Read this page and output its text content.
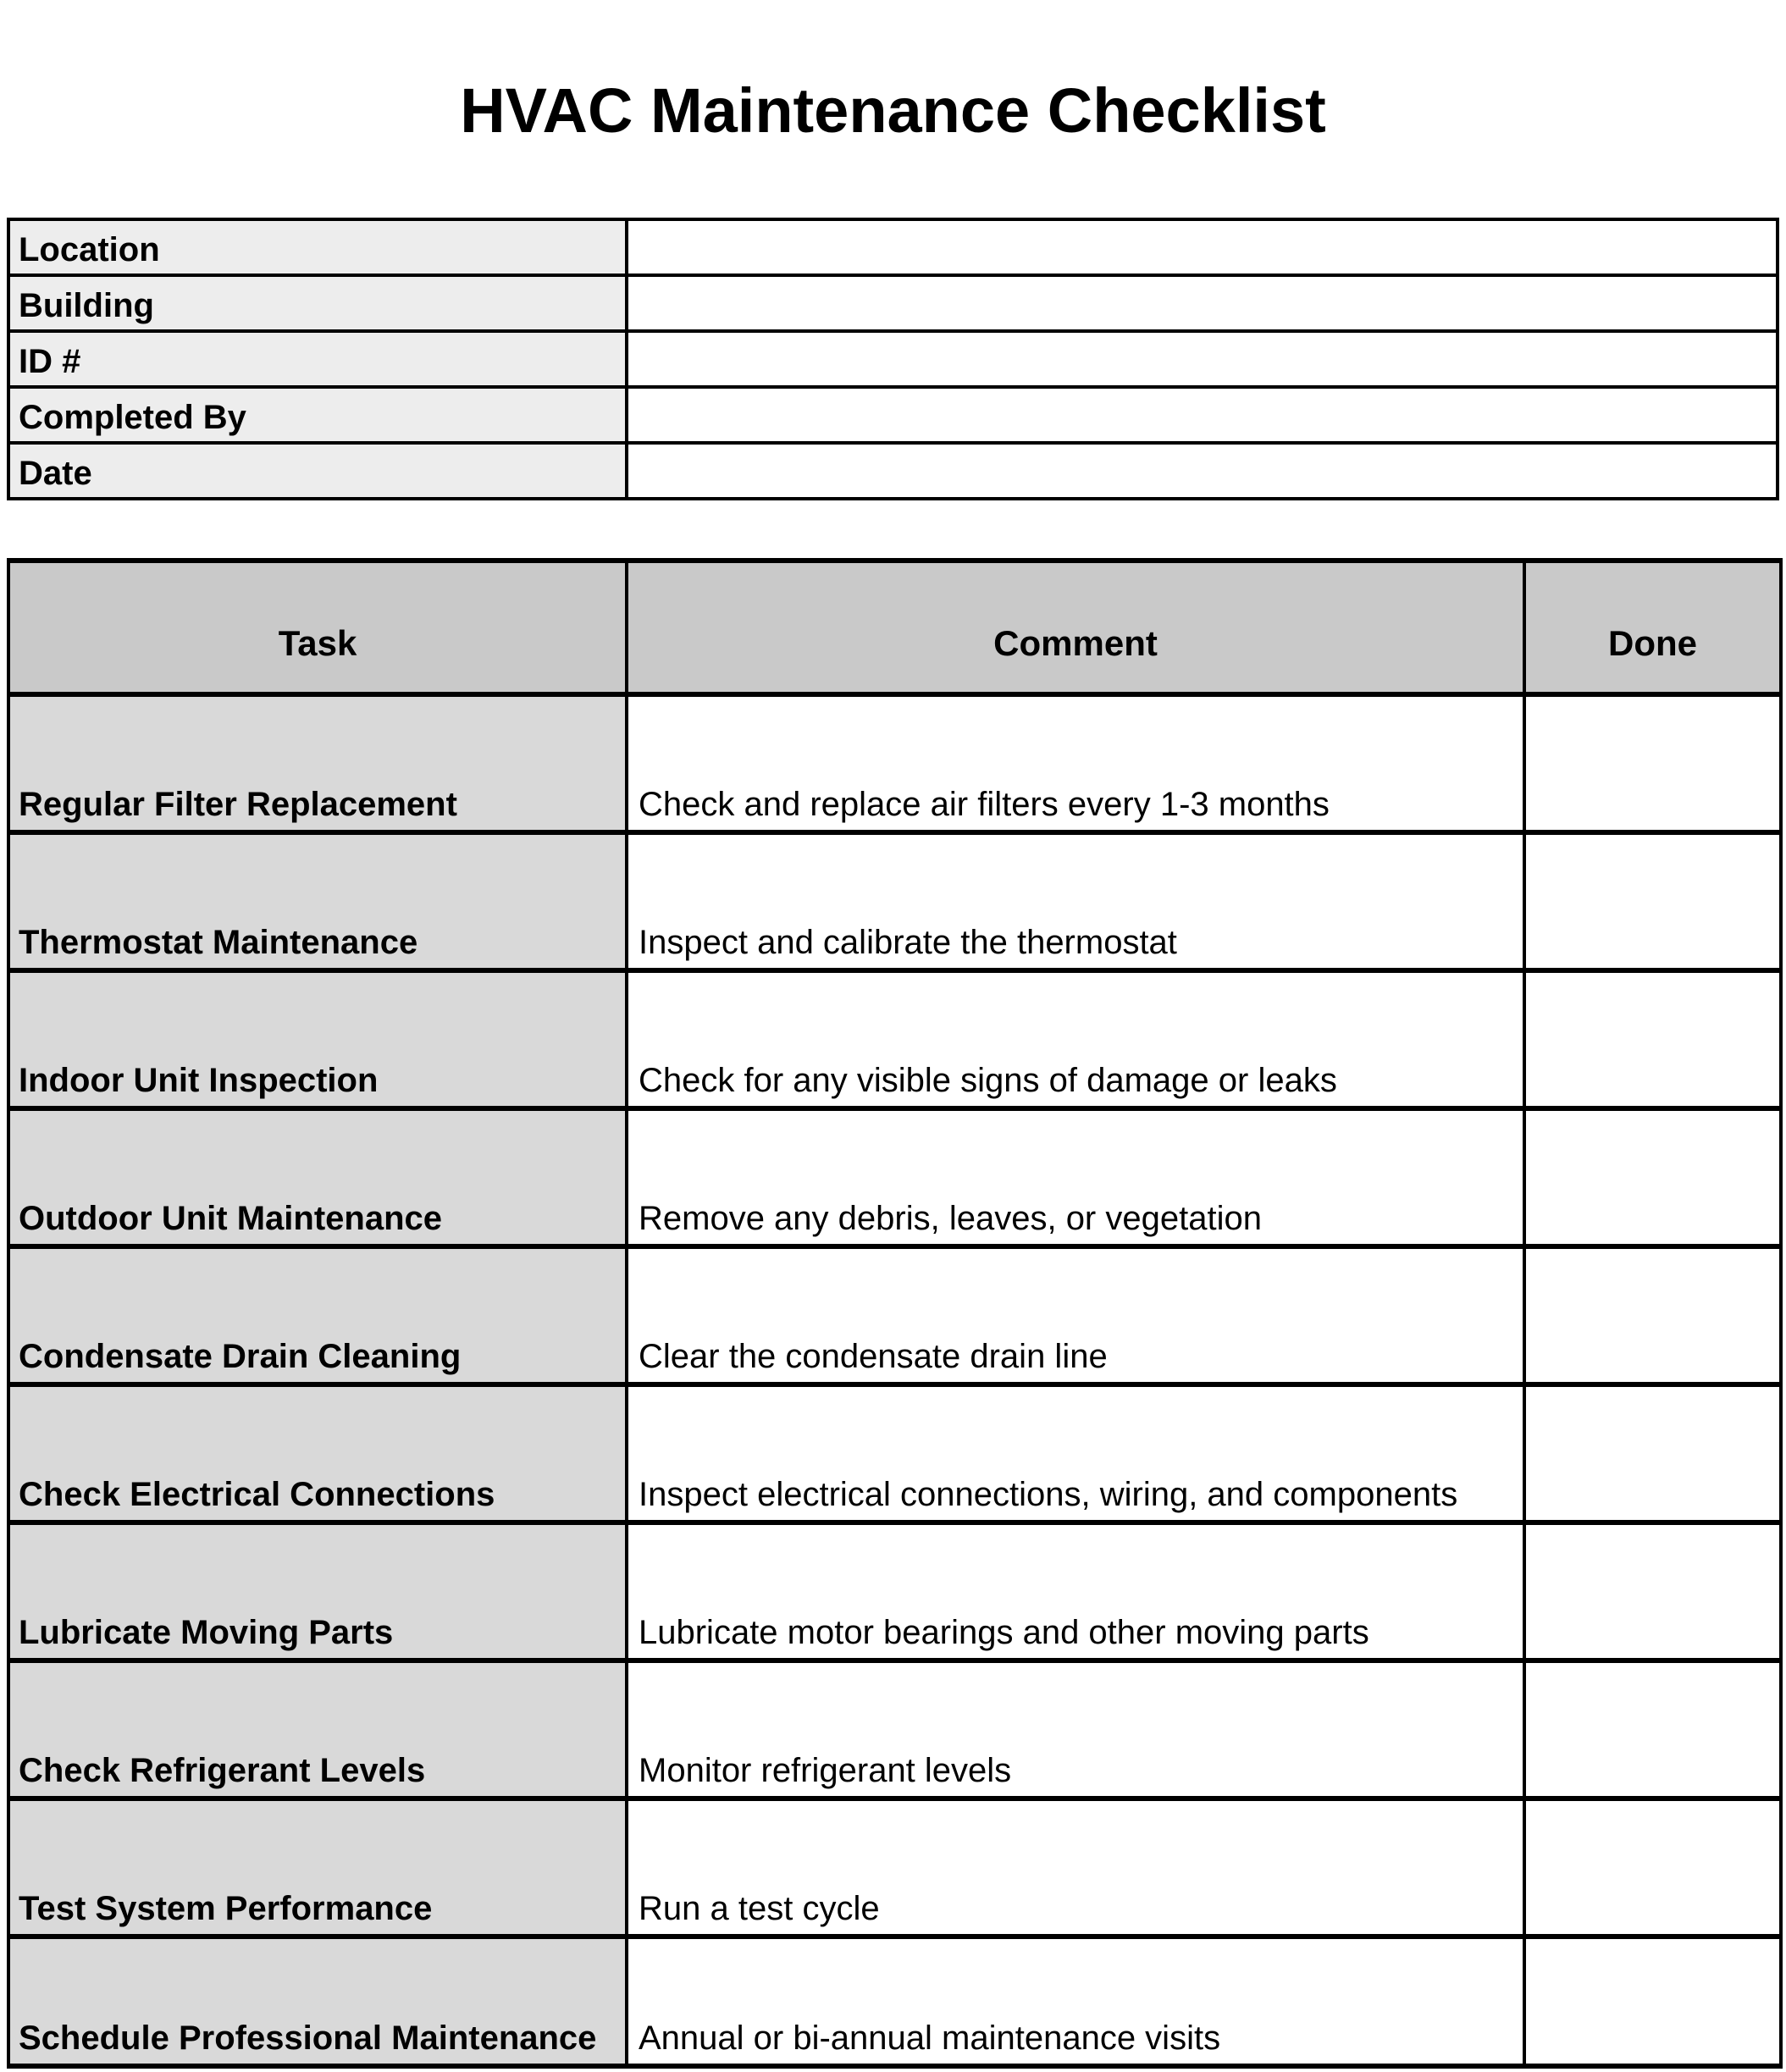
HVAC Maintenance Checklist
Location	
Building	
ID #	
Completed By	
Date	
Task	Comment	Done
Regular Filter Replacement	Check and replace air filters every 1-3 months	
Thermostat Maintenance	Inspect and calibrate the thermostat	
Indoor Unit Inspection	Check for any visible signs of damage or leaks	
Outdoor Unit Maintenance	Remove any debris, leaves, or vegetation	
Condensate Drain Cleaning	Clear the condensate drain line	
Check Electrical Connections	Inspect electrical connections, wiring, and components	
Lubricate Moving Parts	Lubricate motor bearings and other moving parts	
Check Refrigerant Levels	Monitor refrigerant levels	
Test System Performance	Run a test cycle	
Schedule Professional Maintenance	Annual or bi-annual maintenance visits	
